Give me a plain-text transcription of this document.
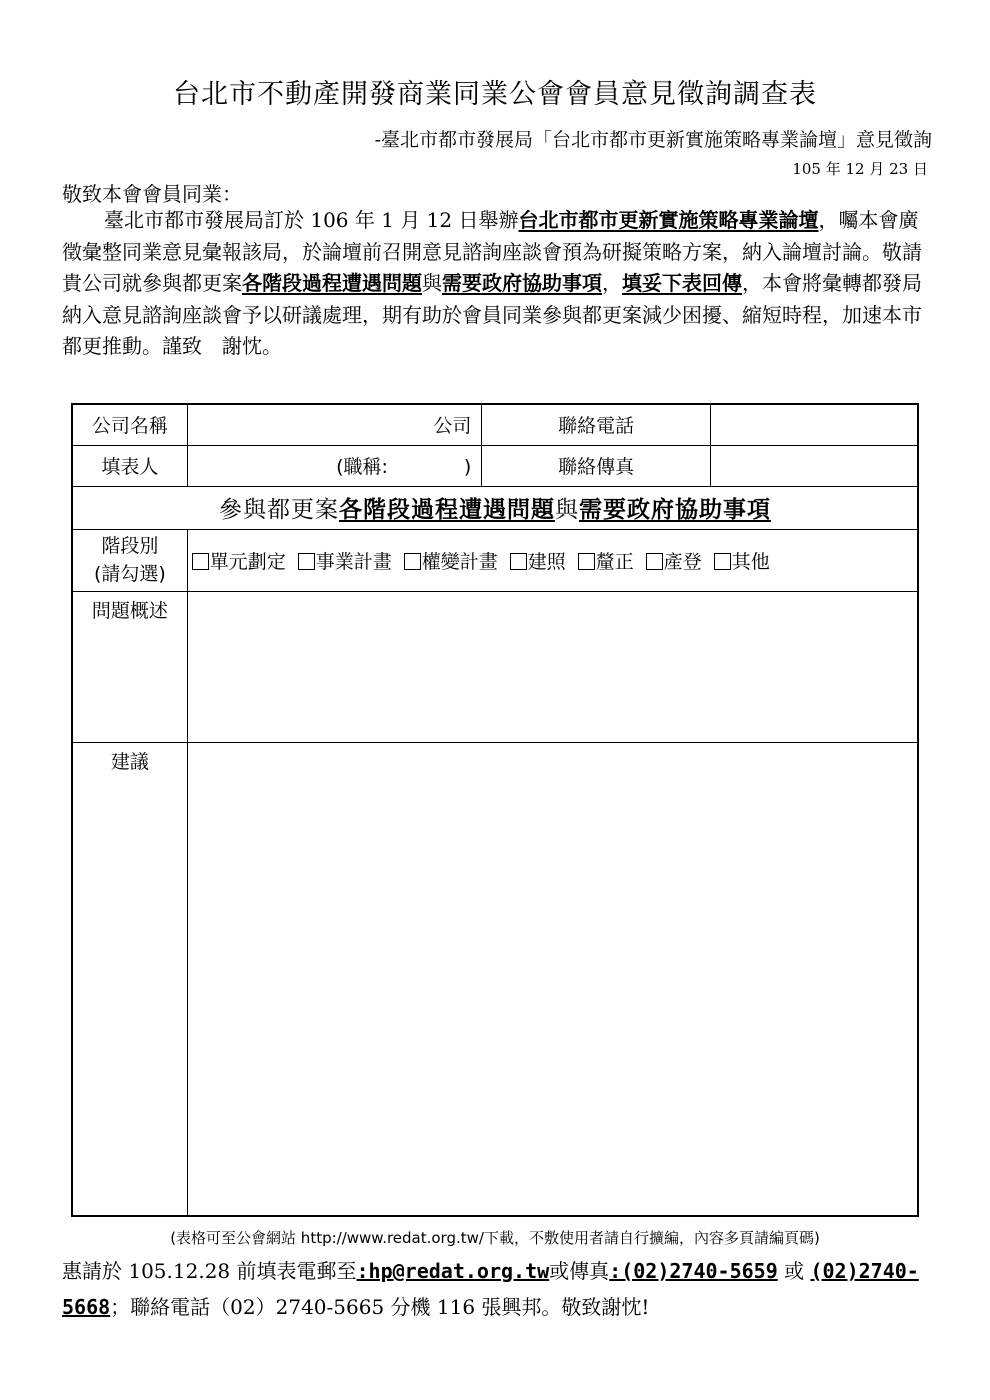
台北市不動產開發商業同業公會會員意見徵詢調查表
-臺北市都市發展局「台北市都市更新實施策略專業論壇」意見徵詢
105 年 12 月 23 日
敬致本會會員同業：
臺北市都市發展局訂於 106 年 1 月 12 日舉辦台北市都市更新實施策略專業論壇，囑本會廣徵彙整同業意見彙報該局，於論壇前召開意見諮詢座談會預為研擬策略方案，納入論壇討論。敬請　貴公司就參與都更案各階段過程遭遇問題與需要政府協助事項，填妥下表回傳，本會將彙轉都發局納入意見諮詢座談會予以研議處理，期有助於會員同業參與都更案減少困擾、縮短時程，加速本市都更推動。謹致　謝忱。
公司名稱	公司	聯絡電話	
填表人	(職稱:　　　　)	聯絡傳真	
參與都更案各階段過程遭遇問題與需要政府協助事項			

階段別
(請勾選)	單元劃定 事業計畫 權變計畫 建照 釐正 產登 其他		
問題概述			
建議			
(表格可至公會網站 http://www.redat.org.tw/下載，不敷使用者請自行擴編，內容多頁請編頁碼)
惠請於 105.12.28 前填表電郵至:hp@redat.org.tw或傳真:(02)2740-5659 或 (02)2740-5668；聯絡電話（02）2740-5665 分機 116 張興邦。敬致謝忱!
